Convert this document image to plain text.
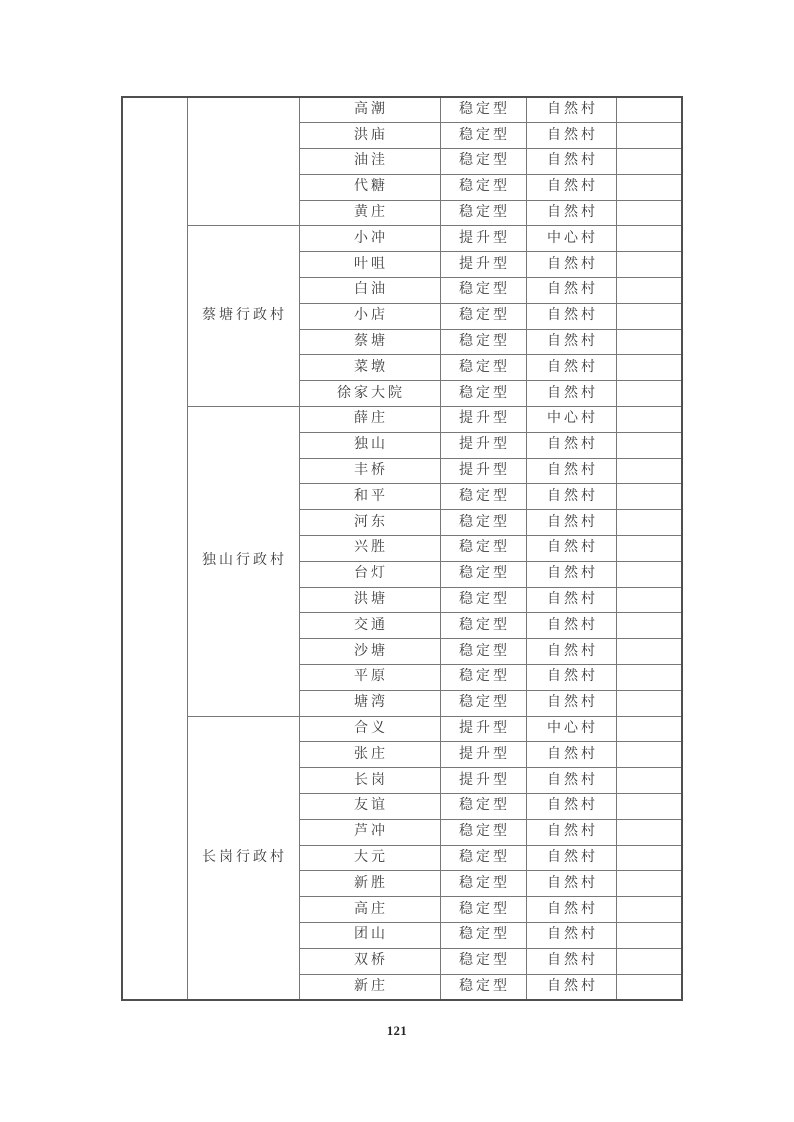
		高潮	稳定型	自然村	
		洪庙	稳定型	自然村	
		油洼	稳定型	自然村	
		代糖	稳定型	自然村	
		黄庄	稳定型	自然村	
	蔡塘行政村	小冲	提升型	中心村	
		叶咀	提升型	自然村	
		白油	稳定型	自然村	
		小店	稳定型	自然村	
		蔡塘	稳定型	自然村	
		菜墩	稳定型	自然村	
		徐家大院	稳定型	自然村	
	独山行政村	薛庄	提升型	中心村	
		独山	提升型	自然村	
		丰桥	提升型	自然村	
		和平	稳定型	自然村	
		河东	稳定型	自然村	
		兴胜	稳定型	自然村	
		台灯	稳定型	自然村	
		洪塘	稳定型	自然村	
		交通	稳定型	自然村	
		沙塘	稳定型	自然村	
		平原	稳定型	自然村	
		塘湾	稳定型	自然村	
	长岗行政村	合义	提升型	中心村	
		张庄	提升型	自然村	
		长岗	提升型	自然村	
		友谊	稳定型	自然村	
		芦冲	稳定型	自然村	
		大元	稳定型	自然村	
		新胜	稳定型	自然村	
		高庄	稳定型	自然村	
		团山	稳定型	自然村	
		双桥	稳定型	自然村	
		新庄	稳定型	自然村	
121
